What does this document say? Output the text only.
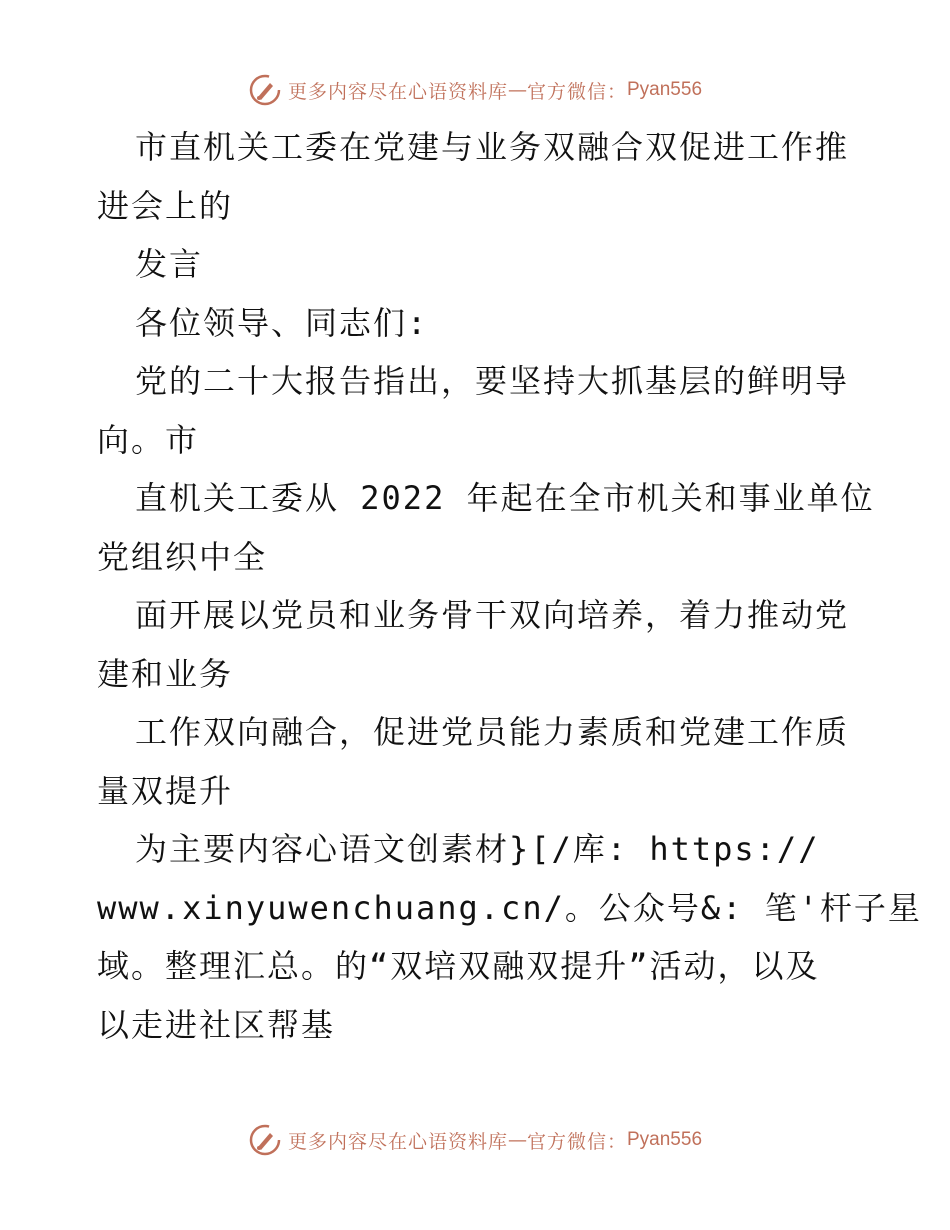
更多内容尽在心语资料库 — 官方微信： Pyan556
市直机关工委在党建与业务双融合双促进工作推
进会上的
发言
各位领导、同志们:
党的二十大报告指出，要坚持大抓基层的鲜明导
向。市
直机关工委从 2022 年起在全市机关和事业单位
党组织中全
面开展以党员和业务骨干双向培养，着力推动党
建和业务
工作双向融合，促进党员能力素质和党建工作质
量双提升
为主要内容心语文创素材}[/库: https://
www.xinyuwenchuang.cn/。公众号&: 笔'杆子星
域。整理汇总。的“双培双融双提升”活动，以及
以走进社区帮基
更多内容尽在心语资料库 — 官方微信： Pyan556
